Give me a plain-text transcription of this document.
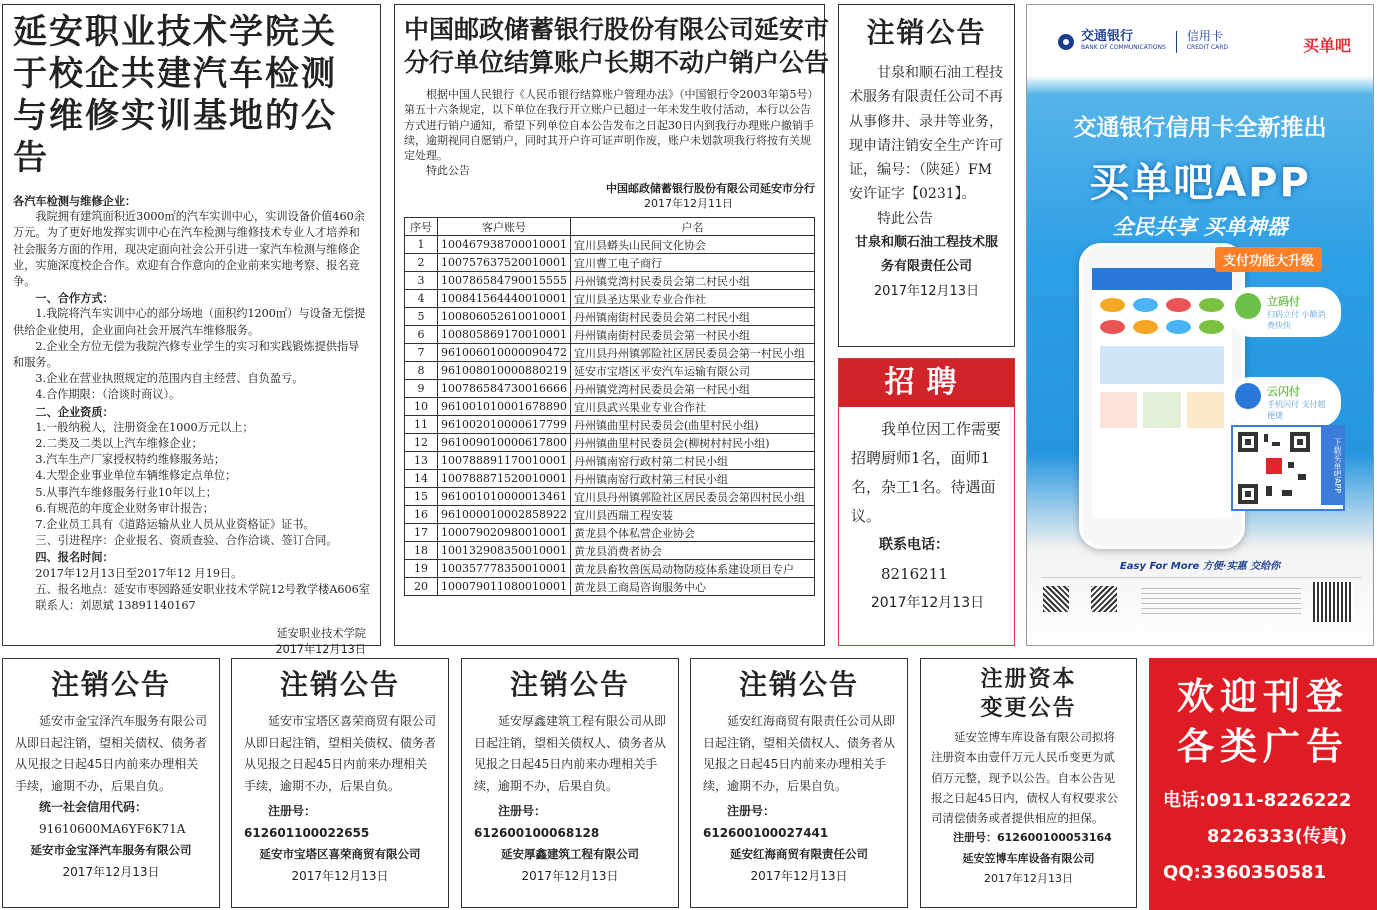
延安职业技术学院关于校企共建汽车检测与维修实训基地的公告

各汽车检测与维修企业：

我院拥有建筑面积近3000㎡的汽车实训中心，实训设备价值460余万元。为了更好地发挥实训中心在汽车检测与维修技术专业人才培养和社会服务方面的作用，现决定面向社会公开引进一家汽车检测与维修企业，实施深度校企合作。欢迎有合作意向的企业前来实地考察、报名竞争。

一、合作方式：

1.我院将汽车实训中心的部分场地（面积约1200㎡）与设备无偿提供给企业使用，企业面向社会开展汽车维修服务。

2.企业全方位无偿为我院汽修专业学生的实习和实践锻炼提供指导和服务。

3.企业在营业执照规定的范围内自主经营、自负盈亏。

4.合作期限：（洽谈时商议）。

二、企业资质：

1.一般纳税人，注册资金在1000万元以上；

2.二类及二类以上汽车维修企业；

3.汽车生产厂家授权特约维修服务站；

4.大型企业事业单位车辆维修定点单位；

5.从事汽车维修服务行业10年以上；

6.有规范的年度企业财务审计报告；

7.企业员工具有《道路运输从业人员从业资格证》证书。

三、引进程序：企业报名、资质查验、合作洽谈、签订合同。

四、报名时间：

2017年12月13日至2017年12 月19日。

五、报名地点：延安市枣园路延安职业技术学院12号教学楼A606室

联系人：刘恩斌 13891140167

延安职业技术学院

2017年12月13日

中国邮政储蓄银行股份有限公司延安市
分行单位结算账户长期不动户销户公告

根据中国人民银行《人民币银行结算账户管理办法》（中国银行令2003年第5号）第五十六条规定，以下单位在我行开立账户已超过一年未发生收付活动，本行以公告方式进行销户通知，希望下列单位自本公告发布之日起30日内到我行办理账户撤销手续，逾期视同自愿销户，同时其开户许可证声明作废，账户未划款项我行将按有关规定处理。

特此公告

中国邮政储蓄银行股份有限公司延安市分行

2017年12月11日

序号	客户账号	户名
1	100467938700010001	宜川县蟒头山民间文化协会
2	100757637520010001	宜川曹工电子商行
3	100786584790015555	丹州镇党湾村民委员会第二村民小组
4	100841564440010001	宜川县圣达果业专业合作社
5	100806052610010001	丹州镇南街村民委员会第二村民小组
6	100805869170010001	丹州镇南街村民委员会第一村民小组
7	961006010000090472	宜川县丹州镇郭险社区居民委员会第一村民小组
8	961008010000880219	延安市宝塔区平安汽车运输有限公司
9	100786584730016666	丹州镇党湾村民委员会第一村民小组
10	961001010001678890	宜川县武兴果业专业合作社
11	961002010000617799	丹州镇曲里村民委员会(曲里村民小组)
12	961009010000617800	丹州镇曲里村民委员会(柳树村村民小组)
13	100788891170010001	丹州镇南窑行政村第二村民小组
14	100788871520010001	丹州镇南窑行政村第三村民小组
15	961001010000013461	宜川县丹州镇郭险社区居民委员会第四村民小组
16	961000010002858922	宜川县西瑞工程安装
17	100079020980010001	黄龙县个体私营企业协会
18	100132908350010001	黄龙县消费者协会
19	100357778350010001	黄龙县畜牧兽医局动物防疫体系建设项目专户
20	100079011080010001	黄龙县工商局咨询服务中心
注销公告

甘泉和顺石油工程技术服务有限责任公司不再从事修井、录井等业务，现申请注销安全生产许可证，编号：（陕延）FM安许证字【0231】。

特此公告

甘泉和顺石油工程技术服务有限责任公司

2017年12月13日

招聘

我单位因工作需要招聘厨师1名，面师1名，杂工1名。待遇面议。

联系电话：

8216211

2017年12月13日

交通银行
BANK OF COMMUNICATIONS
信用卡
CREDIT CARD	买单吧
交通银行信用卡全新推出
买单吧APP
全民共享 买单神器
支付功能大升级
立码付
扫码立付 小额消费快快
云闪付
手机闪付 支付超便捷
下载买单吧APP
Easy For More 方便·实惠 交给你
注销公告

延安市金宝泽汽车服务有限公司从即日起注销，望相关债权、债务者从见报之日起45日内前来办理相关手续，逾期不办，后果自负。

统一社会信用代码：

91610600MA6YF6K71A

延安市金宝泽汽车服务有限公司

2017年12月13日

注销公告

延安市宝塔区喜荣商贸有限公司从即日起注销，望相关债权、债务者从见报之日起45日内前来办理相关手续，逾期不办，后果自负。

注册号：612601100022655

延安市宝塔区喜荣商贸有限公司

2017年12月13日

注销公告

延安厚鑫建筑工程有限公司从即日起注销，望相关债权人、债务者从见报之日起45日内前来办理相关手续，逾期不办，后果自负。

注册号：612600100068128

延安厚鑫建筑工程有限公司

2017年12月13日

注销公告

延安红海商贸有限责任公司从即日起注销，望相关债权人、债务者从见报之日起45日内前来办理相关手续，逾期不办，后果自负。

注册号：612600100027441

延安红海商贸有限责任公司

2017年12月13日

注册资本
变更公告

延安笠博车库设备有限公司拟将注册资本由壹仟万元人民币变更为贰佰万元整，现予以公告。自本公告见报之日起45日内，债权人有权要求公司清偿债务或者提供相应的担保。

注册号：612600100053164

延安笠博车库设备有限公司

2017年12月13日

欢迎刊登
各类广告
电话:0911-8226222
8226333(传真)
QQ:3360350581
